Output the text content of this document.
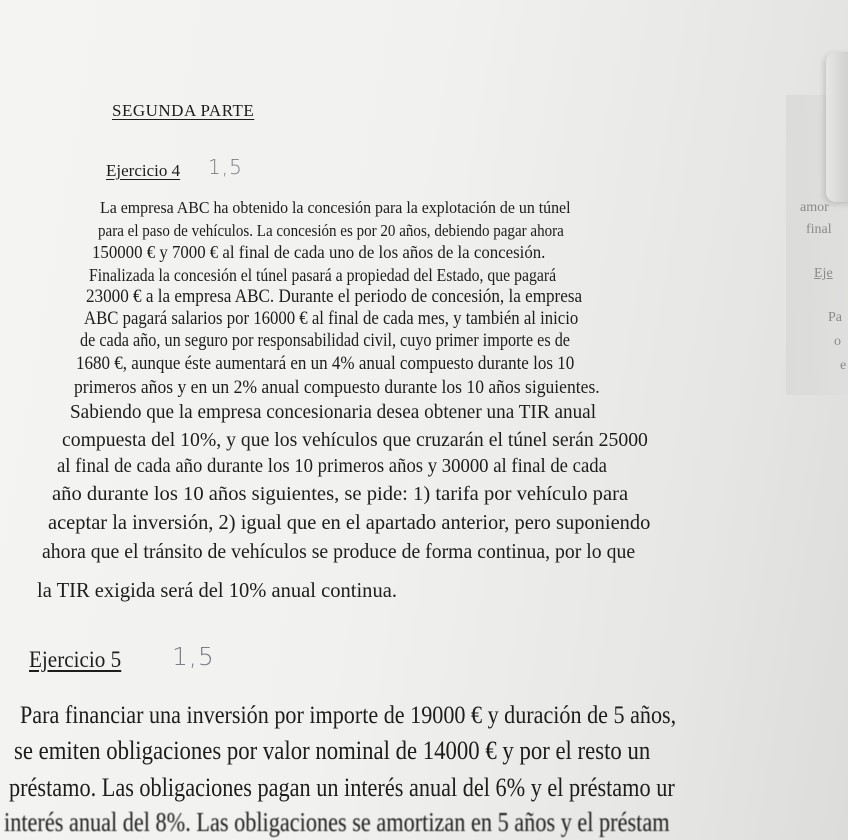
amor
final
Eje
Pa
o
e
SEGUNDA PARTE
Ejercicio 4 1,5
La empresa ABC ha obtenido la concesión para la explotación de un túnel
para el paso de vehículos. La concesión es por 20 años, debiendo pagar ahora
150000 € y 7000 € al final de cada uno de los años de la concesión.
Finalizada la concesión el túnel pasará a propiedad del Estado, que pagará
23000 € a la empresa ABC. Durante el periodo de concesión, la empresa
ABC pagará salarios por 16000 € al final de cada mes, y también al inicio
de cada año, un seguro por responsabilidad civil, cuyo primer importe es de
1680 €, aunque éste aumentará en un 4% anual compuesto durante los 10
primeros años y en un 2% anual compuesto durante los 10 años siguientes.
Sabiendo que la empresa concesionaria desea obtener una TIR anual
compuesta del 10%, y que los vehículos que cruzarán el túnel serán 25000
al final de cada año durante los 10 primeros años y 30000 al final de cada
año durante los 10 años siguientes, se pide: 1) tarifa por vehículo para
aceptar la inversión, 2) igual que en el apartado anterior, pero suponiendo
ahora que el tránsito de vehículos se produce de forma continua, por lo que
la TIR exigida será del 10% anual continua.
Ejercicio 5 1,5
Para financiar una inversión por importe de 19000 € y duración de 5 años,
se emiten obligaciones por valor nominal de 14000 € y por el resto un
préstamo. Las obligaciones pagan un interés anual del 6% y el préstamo ur
interés anual del 8%. Las obligaciones se amortizan en 5 años y el préstam
